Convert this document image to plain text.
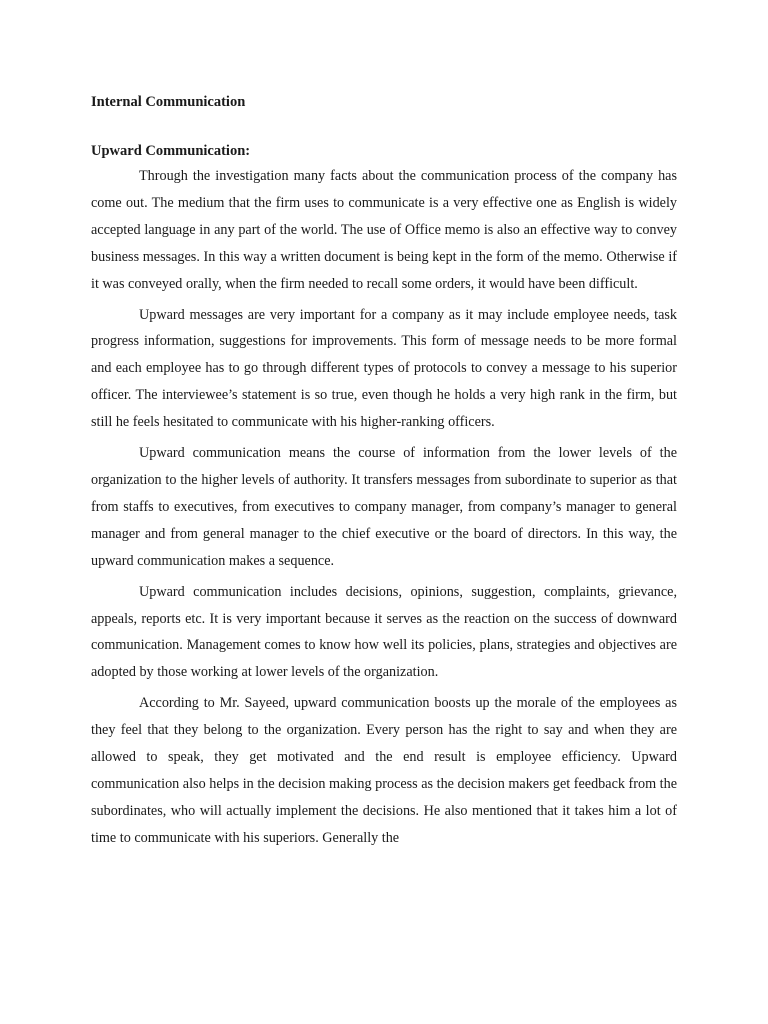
Internal Communication

Upward Communication:

Through the investigation many facts about the communication process of the company has come out. The medium that the firm uses to communicate is a very effective one as English is widely accepted language in any part of the world. The use of Office memo is also an effective way to convey business messages. In this way a written document is being kept in the form of the memo. Otherwise if it was conveyed orally, when the firm needed to recall some orders, it would have been difficult.

Upward messages are very important for a company as it may include employee needs, task progress information, suggestions for improvements. This form of message needs to be more formal and each employee has to go through different types of protocols to convey a message to his superior officer. The interviewee’s statement is so true, even though he holds a very high rank in the firm, but still he feels hesitated to communicate with his higher-ranking officers.

Upward communication means the course of information from the lower levels of the organization to the higher levels of authority. It transfers messages from subordinate to superior as that from staffs to executives, from executives to company manager, from company’s manager to general manager and from general manager to the chief executive or the board of directors. In this way, the upward communication makes a sequence.

Upward communication includes decisions, opinions, suggestion, complaints, grievance, appeals, reports etc. It is very important because it serves as the reaction on the success of downward communication. Management comes to know how well its policies, plans, strategies and objectives are adopted by those working at lower levels of the organization.

According to Mr. Sayeed, upward communication boosts up the morale of the employees as they feel that they belong to the organization. Every person has the right to say and when they are allowed to speak, they get motivated and the end result is employee efficiency. Upward communication also helps in the decision making process as the decision makers get feedback from the subordinates, who will actually implement the decisions. He also mentioned that it takes him a lot of time to communicate with his superiors. Generally the
